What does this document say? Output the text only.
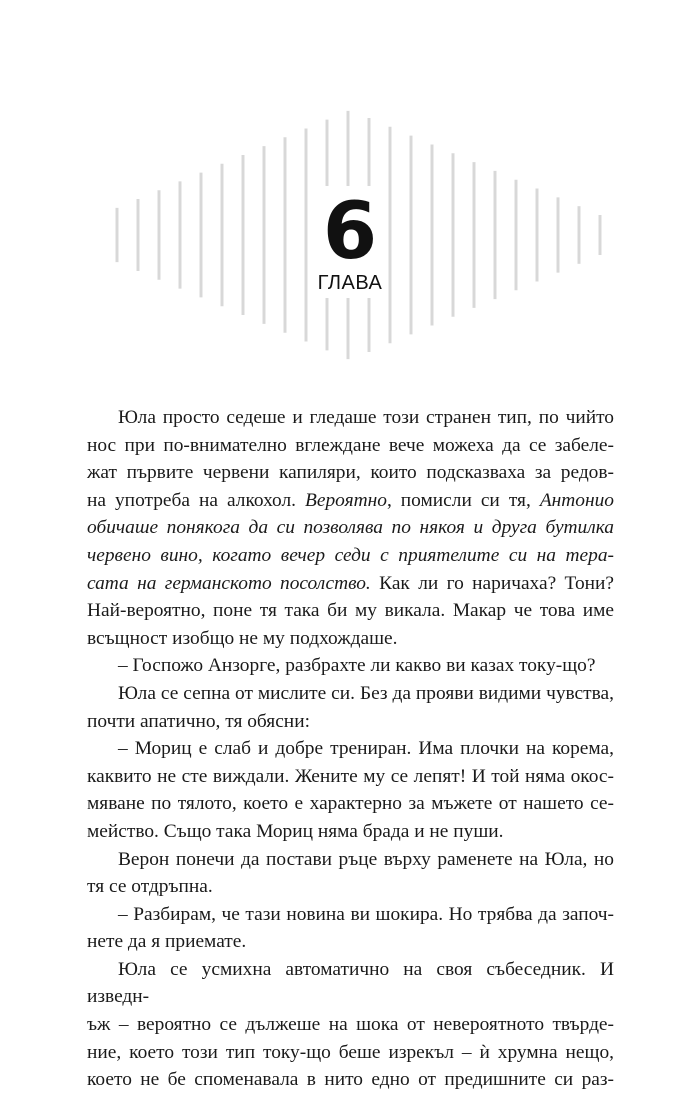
6
ГЛАВА
Юла просто седеше и гледаше този странен тип, по чийто
нос при по-внимателно вглеждане вече можеха да се забеле-
жат първите червени капиляри, които подсказваха за редов-
на употреба на алкохол. Вероятно, помисли си тя, Антонио
обичаше понякога да си позволява по някоя и друга бутилка
червено вино, когато вечер седи с приятелите си на тера-
сата на германското посолство. Как ли го наричаха? Тони?
Най-вероятно, поне тя така би му викала. Макар че това име
всъщност изобщо не му подхождаше.
– Госпожо Анзорге, разбрахте ли какво ви казах току-що?
Юла се сепна от мислите си. Без да прояви видими чувства,
почти апатично, тя обясни:
– Мориц е слаб и добре трениран. Има плочки на корема,
каквито не сте виждали. Жените му се лепят! И той няма окос-
мяване по тялото, което е характерно за мъжете от нашето се-
мейство. Също така Мориц няма брада и не пуши.
Верон понечи да постави ръце върху раменете на Юла, но
тя се отдръпна.
– Разбирам, че тази новина ви шокира. Но трябва да започ-
нете да я приемате.
Юла се усмихна автоматично на своя събеседник. И изведн-
ъж – вероятно се дължеше на шока от невероятното твърде-
ние, което този тип току-що беше изрекъл – ѝ хрумна нещо,
което не бе споменавала в нито едно от предишните си раз-
